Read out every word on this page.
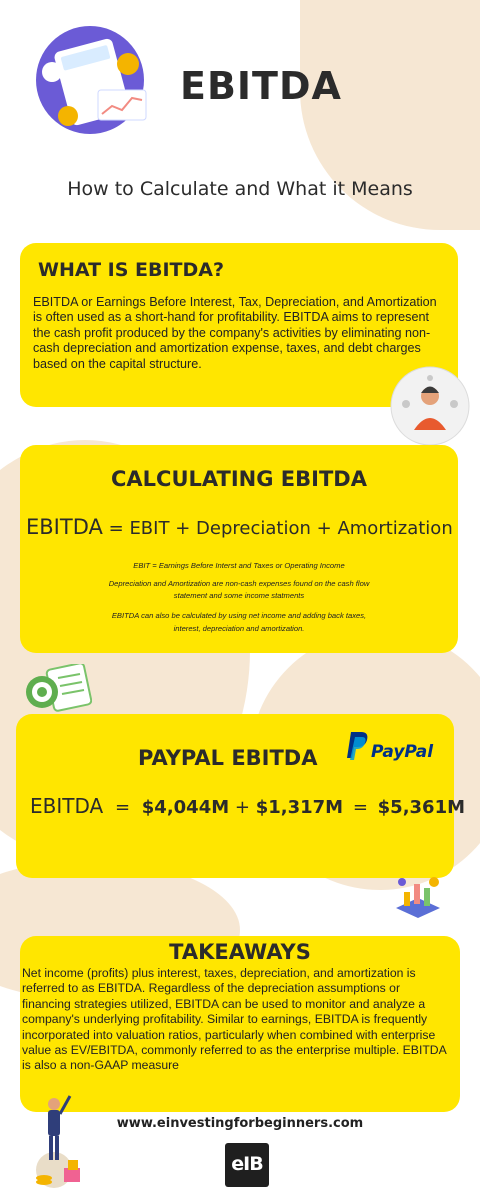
EBITDA
How to Calculate and What it Means
WHAT IS EBITDA?
EBITDA or Earnings Before Interest, Tax, Depreciation, and Amortization is often used as a short-hand for profitability. EBITDA aims to represent the cash profit produced by the company's activities by eliminating non-cash depreciation and amortization expense, taxes, and debt charges based on the capital structure.
CALCULATING EBITDA
EBITDA = EBIT + Depreciation + Amortization
EBIT = Earnings Before Interst and Taxes or Operating Income
Depreciation and Amortization are non-cash expenses found on the cash flow
statement and some income statments
EBITDA can also be calculated by using net income and adding back taxes,
interest, depreciation and amortization.
PAYPAL EBITDA
EBITDA = $4,044M + $1,317M = $5,361M
PayPal
TAKEAWAYS
Net income (profits) plus interest, taxes, depreciation, and amortization is referred to as EBITDA. Regardless of the depreciation assumptions or financing strategies utilized, EBITDA can be used to monitor and analyze a company's underlying profitability. Similar to earnings, EBITDA is frequently incorporated into valuation ratios, particularly when combined with enterprise value as EV/EBITDA, commonly referred to as the enterprise multiple. EBITDA is also a non-GAAP measure
www.einvestingforbeginners.com
eIB
